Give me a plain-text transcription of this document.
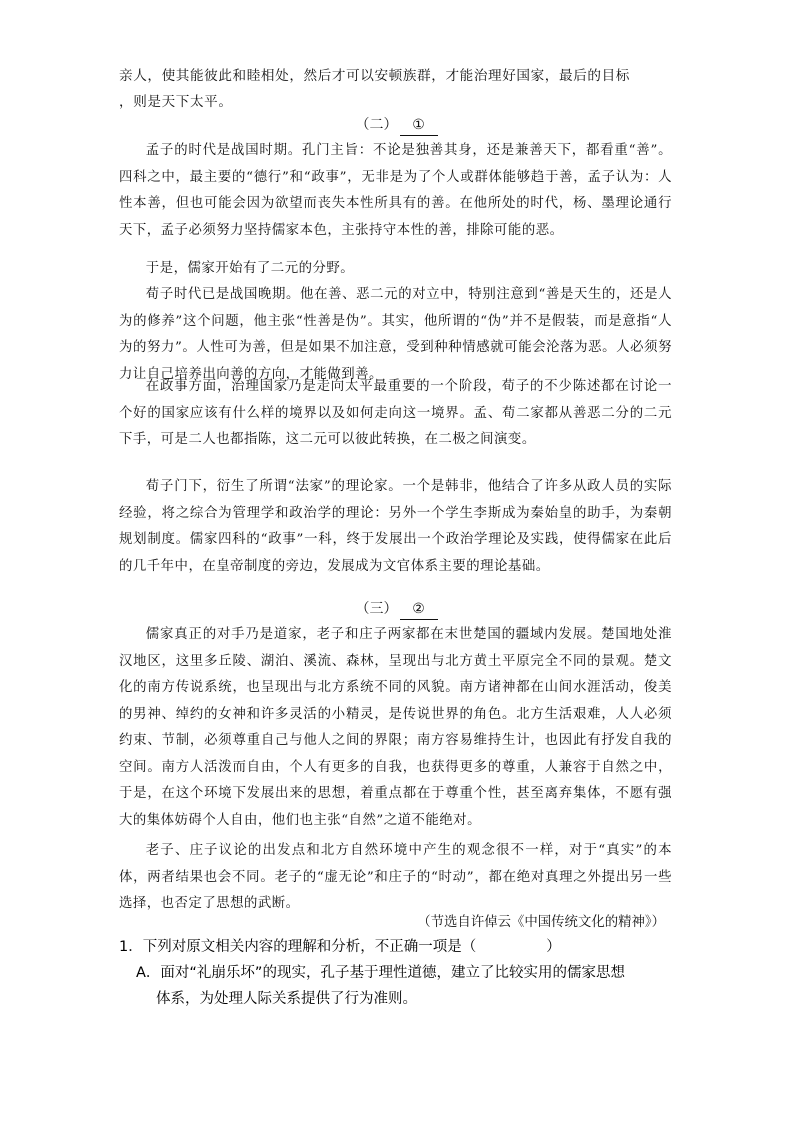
亲人，使其能彼此和睦相处，然后才可以安顿族群，才能治理好国家，最后的目标
，则是天下太平。
（二） ①
孟子的时代是战国时期。孔门主旨：不论是独善其身，还是兼善天下，都看重“善”。四科之中，最主要的“德行”和“政事”，无非是为了个人或群体能够趋于善，孟子认为：人性本善，但也可能会因为欲望而丧失本性所具有的善。在他所处的时代，杨、墨理论通行天下，孟子必须努力坚持儒家本色，主张持守本性的善，排除可能的恶。
于是，儒家开始有了二元的分野。
荀子时代已是战国晚期。他在善、恶二元的对立中，特别注意到“善是天生的，还是人为的修养”这个问题，他主张“性善是伪”。其实，他所谓的“伪”并不是假装，而是意指“人为的努力”。人性可为善，但是如果不加注意，受到种种情感就可能会沦落为恶。人必须努力让自己培养出向善的方向，才能做到善。
在政事方面，治理国家乃是走向太平最重要的一个阶段，荀子的不少陈述都在讨论一个好的国家应该有什么样的境界以及如何走向这一境界。孟、荀二家都从善恶二分的二元下手，可是二人也都指陈，这二元可以彼此转换，在二极之间演变。
荀子门下，衍生了所谓“法家”的理论家。一个是韩非，他结合了许多从政人员的实际经验，将之综合为管理学和政治学的理论：另外一个学生李斯成为秦始皇的助手，为秦朝规划制度。儒家四科的“政事”一科，终于发展出一个政治学理论及实践，使得儒家在此后的几千年中，在皇帝制度的旁边，发展成为文官体系主要的理论基础。
（三） ②
儒家真正的对手乃是道家，老子和庄子两家都在末世楚国的疆域内发展。楚国地处淮汉地区，这里多丘陵、湖泊、溪流、森林，呈现出与北方黄土平原完全不同的景观。楚文化的南方传说系统，也呈现出与北方系统不同的风貌。南方诸神都在山间水涯活动，俊美的男神、绰约的女神和许多灵活的小精灵，是传说世界的角色。北方生活艰难，人人必须约束、节制，必须尊重自己与他人之间的界限；南方容易维持生计，也因此有抒发自我的空间。南方人活泼而自由，个人有更多的自我，也获得更多的尊重，人兼容于自然之中，于是，在这个环境下发展出来的思想，着重点都在于尊重个性，甚至离弃集体，不愿有强大的集体妨碍个人自由，他们也主张“自然”之道不能绝对。
老子、庄子议论的出发点和北方自然环境中产生的观念很不一样，对于“真实”的本体，两者结果也会不同。老子的“虚无论”和庄子的“时动”，都在绝对真理之外提出另一些选择，也否定了思想的武断。
（节选自许倬云《中国传统文化的精神》）
1．下列对原文相关内容的理解和分析，不正确一项是（	）
A．面对“礼崩乐坏”的现实，孔子基于理性道德，建立了比较实用的儒家思想
体系，为处理人际关系提供了行为准则。
